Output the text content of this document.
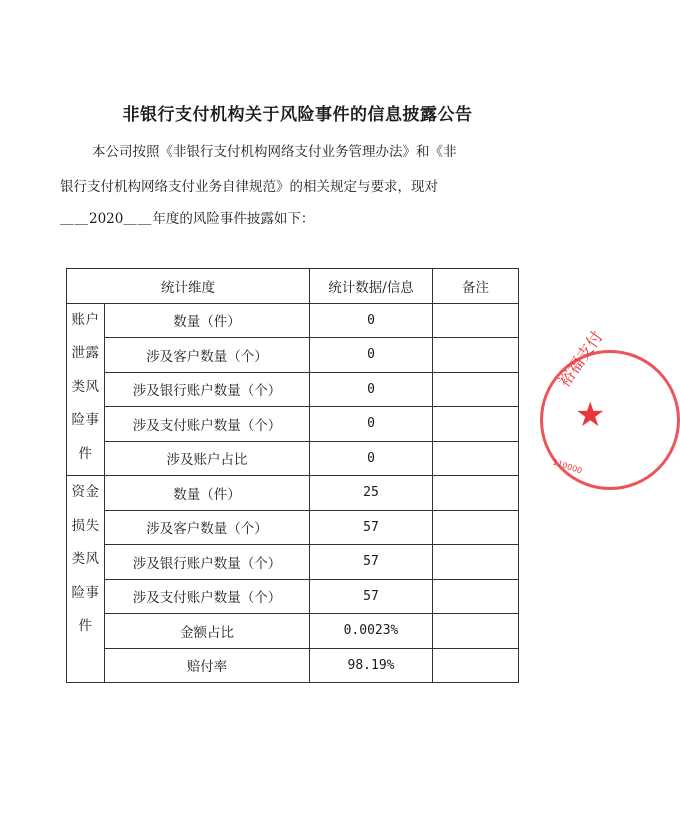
非银行支付机构关于风险事件的信息披露公告
本公司按照《非银行支付机构网络支付业务管理办法》和《非
银行支付机构网络支付业务自律规范》的相关规定与要求，现对
＿＿2020＿＿年度的风险事件披露如下：
统计维度		统计数据/信息	备注

账户
泄露
类风
险事
件	数量（件）	0	
	涉及客户数量（个）	0	
	涉及银行账户数量（个）	0	
	涉及支付账户数量（个）	0	
	涉及账户占比	0	

资金
损失
类风
险事
件	数量（件）	25	
	涉及客户数量（个）	57	
	涉及银行账户数量（个）	57	
	涉及支付账户数量（个）	57	
	金额占比	0.0023%	
	赔付率	98.19%	
裕福支付
★
110000
